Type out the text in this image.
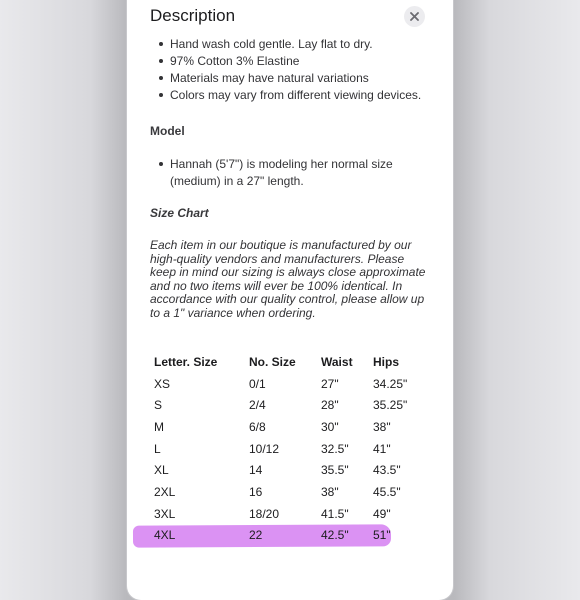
Description
Hand wash cold gentle. Lay flat to dry.
97% Cotton 3% Elastine
Materials may have natural variations
Colors may vary from different viewing devices.
Model
Hannah (5'7") is modeling her normal size (medium) in a 27" length.
Size Chart

Each item in our boutique is manufactured by our high-quality vendors and manufacturers. Please keep in mind our sizing is always close approximate and no two items will ever be 100% identical. In accordance with our quality control, please allow up to a 1" variance when ordering.

Letter. Size	No. Size	Waist	Hips
XS	0/1	27"	34.25"
S	2/4	28"	35.25"
M	6/8	30"	38"
L	10/12	32.5"	41"
XL	14	35.5"	43.5"
2XL	16	38"	45.5"
3XL	18/20	41.5"	49"
4XL	22	42.5"	51"
